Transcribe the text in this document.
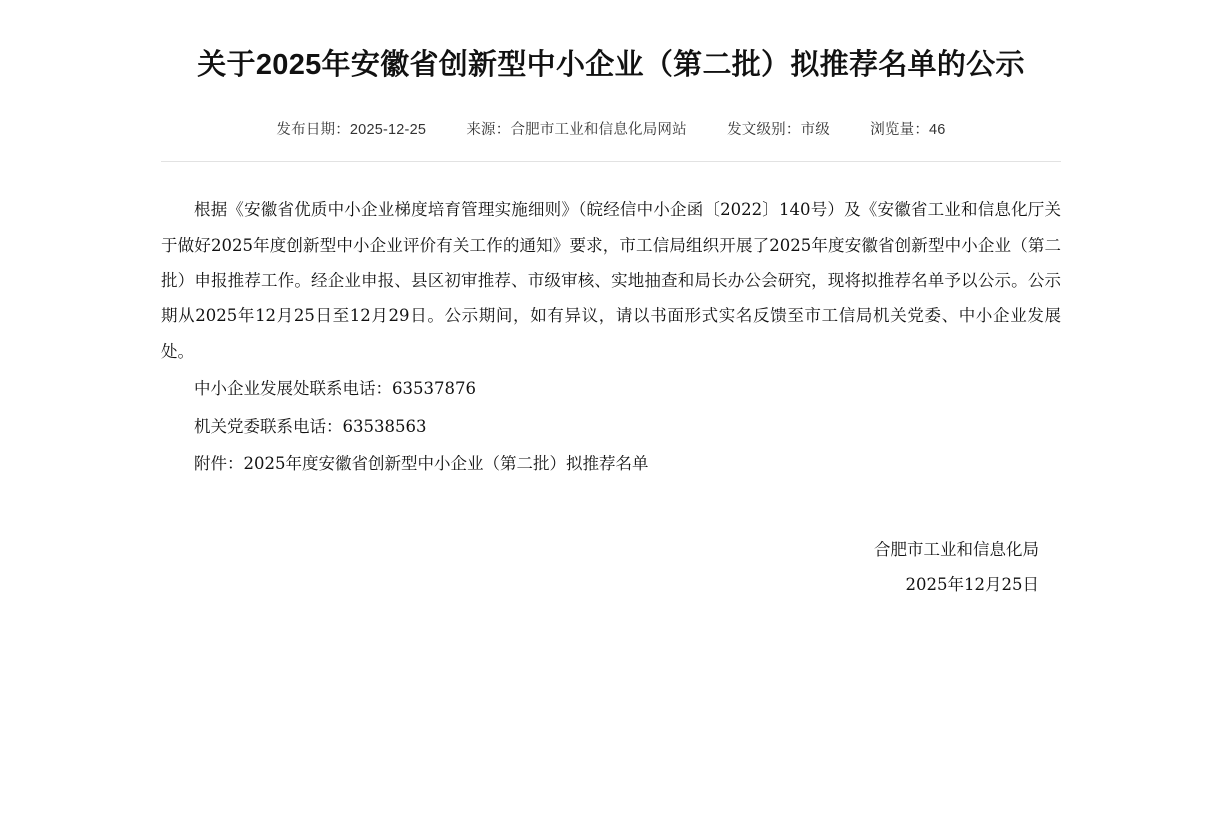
关于2025年安徽省创新型中小企业（第二批）拟推荐名单的公示
发布日期：2025-12-25	来源：合肥市工业和信息化局网站	发文级别：市级	浏览量：46

根据《安徽省优质中小企业梯度培育管理实施细则》（皖经信中小企函〔2022〕140号）及《安徽省工业和信息化厅关于做好2025年度创新型中小企业评价有关工作的通知》要求，市工信局组织开展了2025年度安徽省创新型中小企业（第二批）申报推荐工作。经企业申报、县区初审推荐、市级审核、实地抽查和局长办公会研究，现将拟推荐名单予以公示。公示期从2025年12月25日至12月29日。公示期间，如有异议，请以书面形式实名反馈至市工信局机关党委、中小企业发展处。

中小企业发展处联系电话：63537876

机关党委联系电话：63538563

附件：2025年度安徽省创新型中小企业（第二批）拟推荐名单

合肥市工业和信息化局
2025年12月25日
